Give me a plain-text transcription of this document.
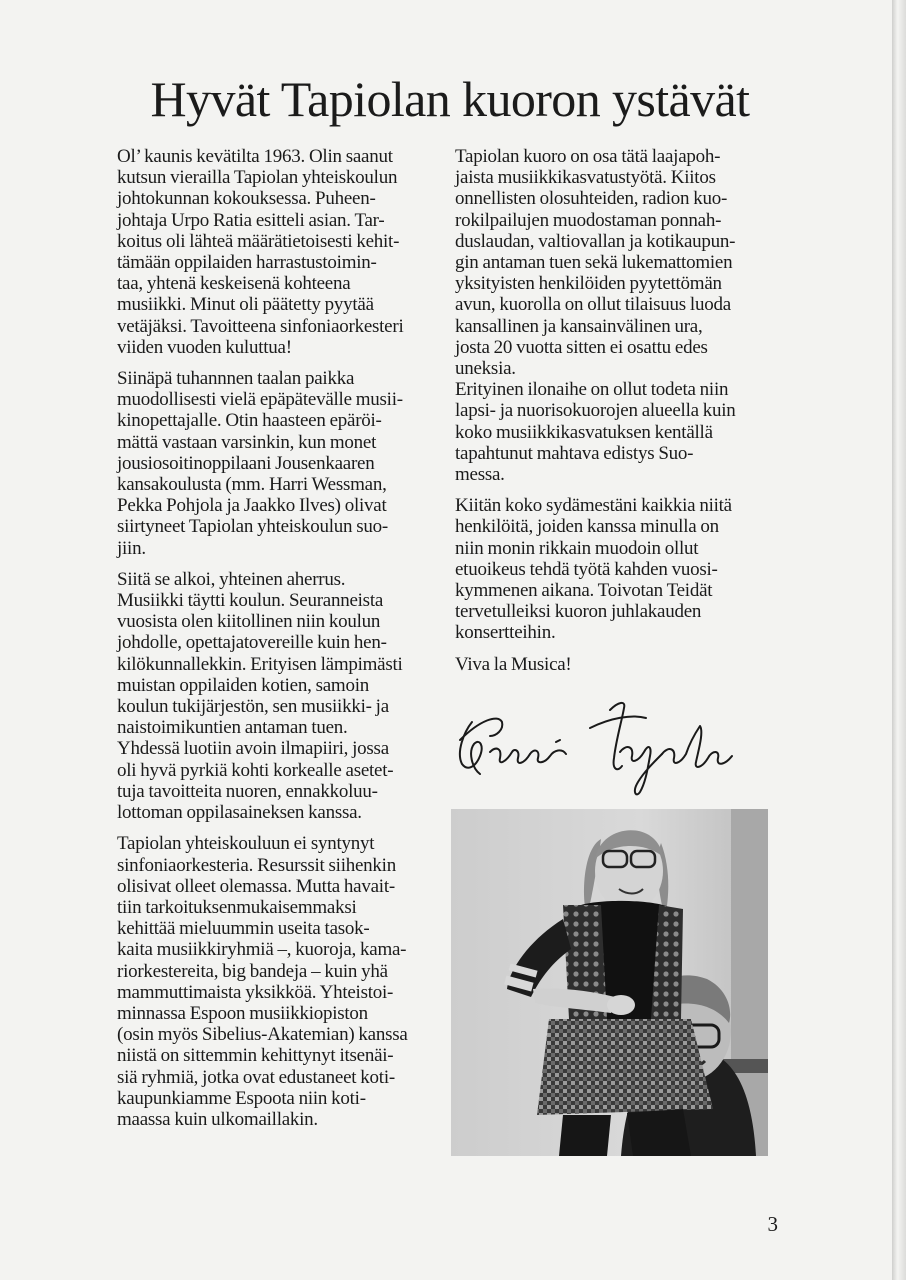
Hyvät Tapiolan kuoron ystävät

Ol’ kaunis kevätilta 1963. Olin saanut
kutsun vierailla Tapiolan yhteiskoulun
johtokunnan kokouksessa. Puheen-
johtaja Urpo Ratia esitteli asian. Tar-
koitus oli lähteä määrätietoisesti kehit-
tämään oppilaiden harrastustoimin-
taa, yhtenä keskeisenä kohteena
musiikki. Minut oli päätetty pyytää
vetäjäksi. Tavoitteena sinfoniaorkesteri
viiden vuoden kuluttua!

Siinäpä tuhannnen taalan paikka
muodollisesti vielä epäpätevälle musii-
kinopettajalle. Otin haasteen epäröi-
mättä vastaan varsinkin, kun monet
jousiosoitinoppilaani Jousenkaaren
kansakoulusta (mm. Harri Wessman,
Pekka Pohjola ja Jaakko Ilves) olivat
siirtyneet Tapiolan yhteiskoulun suo-
jiin.

Siitä se alkoi, yhteinen aherrus.
Musiikki täytti koulun. Seuranneista
vuosista olen kiitollinen niin koulun
johdolle, opettajatovereille kuin hen-
kilökunnallekkin. Erityisen lämpimästi
muistan oppilaiden kotien, samoin
koulun tukijärjestön, sen musiikki- ja
naistoimikuntien antaman tuen.
Yhdessä luotiin avoin ilmapiiri, jossa
oli hyvä pyrkiä kohti korkealle asetet-
tuja tavoitteita nuoren, ennakkoluu-
lottoman oppilasaineksen kanssa.

Tapiolan yhteiskouluun ei syntynyt
sinfoniaorkesteria. Resurssit siihenkin
olisivat olleet olemassa. Mutta havait-
tiin tarkoituksenmukaisemmaksi
kehittää mieluummin useita tasok-
kaita musiikkiryhmiä –, kuoroja, kama-
riorkestereita, big bandeja – kuin yhä
mammuttimaista yksikköä. Yhteistoi-
minnassa Espoon musiikkiopiston
(osin myös Sibelius-Akatemian) kanssa
niistä on sittemmin kehittynyt itsenäi-
siä ryhmiä, jotka ovat edustaneet koti-
kaupunkiamme Espoota niin koti-
maassa kuin ulkomaillakin.

Tapiolan kuoro on osa tätä laajapoh-
jaista musiikkikasvatustyötä. Kiitos
onnellisten olosuhteiden, radion kuo-
rokilpailujen muodostaman ponnah-
duslaudan, valtiovallan ja kotikaupun-
gin antaman tuen sekä lukemattomien
yksityisten henkilöiden pyytettömän
avun, kuorolla on ollut tilaisuus luoda
kansallinen ja kansainvälinen ura,
josta 20 vuotta sitten ei osattu edes
uneksia.
Erityinen ilonaihe on ollut todeta niin
lapsi- ja nuorisokuorojen alueella kuin
koko musiikkikasvatuksen kentällä
tapahtunut mahtava edistys Suo-
messa.

Kiitän koko sydämestäni kaikkia niitä
henkilöitä, joiden kanssa minulla on
niin monin rikkain muodoin ollut
etuoikeus tehdä työtä kahden vuosi-
kymmenen aikana. Toivotan Teidät
tervetulleiksi kuoron juhlakauden
konsertteihin.

Viva la Musica!

3
